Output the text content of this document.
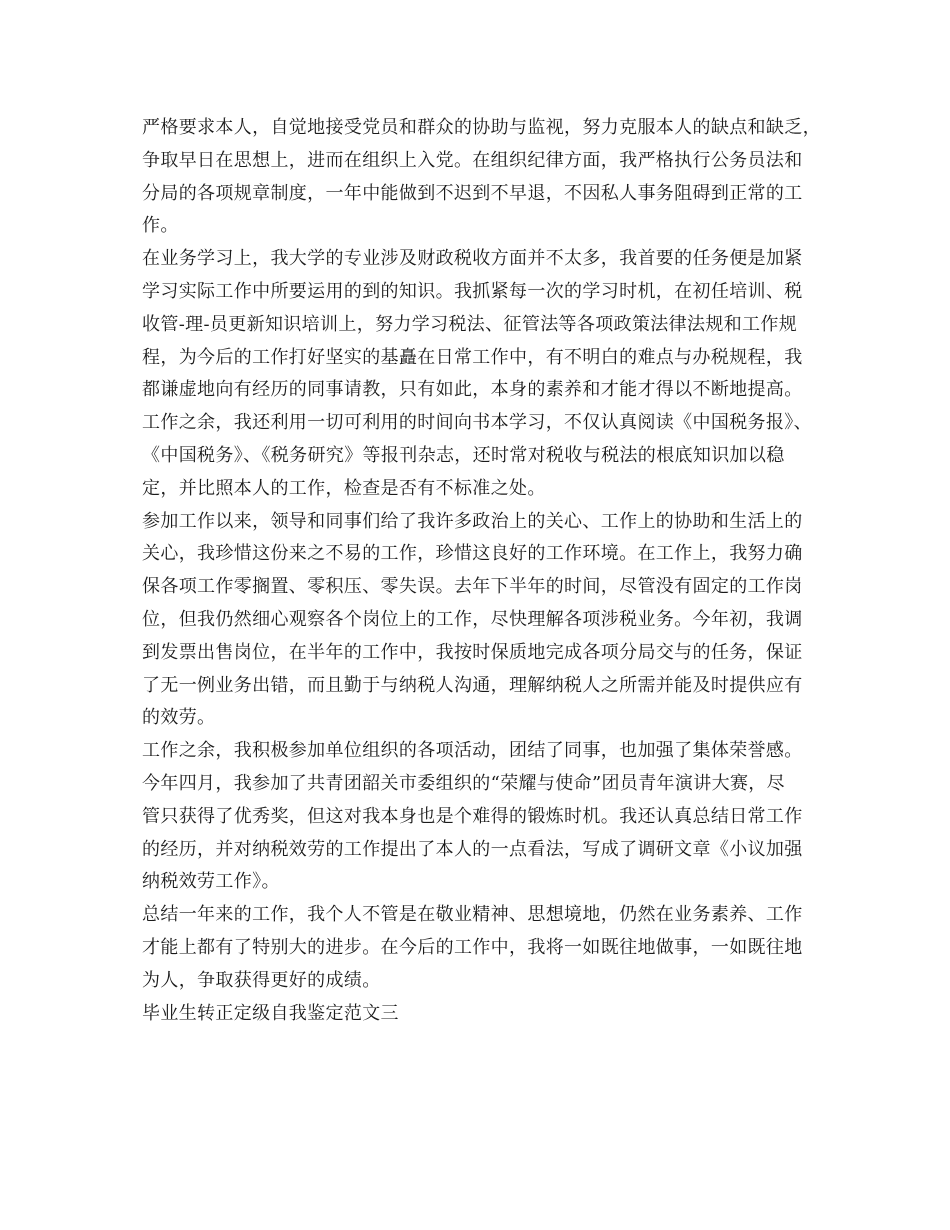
严格要求本人，自觉地接受党员和群众的协助与监视，努力克服本人的缺点和缺乏，
争取早日在思想上，进而在组织上入党。在组织纪律方面，我严格执行公务员法和
分局的各项规章制度，一年中能做到不迟到不早退，不因私人事务阻碍到正常的工
作。
在业务学习上，我大学的专业涉及财政税收方面并不太多，我首要的任务便是加紧
学习实际工作中所要运用的到的知识。我抓紧每一次的学习时机，在初任培训、税
收管-理-员更新知识培训上，努力学习税法、征管法等各项政策法律法规和工作规
程，为今后的工作打好坚实的基矗在日常工作中，有不明白的难点与办税规程，我
都谦虚地向有经历的同事请教，只有如此，本身的素养和才能才得以不断地提高。
工作之余，我还利用一切可利用的时间向书本学习，不仅认真阅读《中国税务报》、
《中国税务》、《税务研究》等报刊杂志，还时常对税收与税法的根底知识加以稳
定，并比照本人的工作，检查是否有不标准之处。
参加工作以来，领导和同事们给了我许多政治上的关心、工作上的协助和生活上的
关心，我珍惜这份来之不易的工作，珍惜这良好的工作环境。在工作上，我努力确
保各项工作零搁置、零积压、零失误。去年下半年的时间，尽管没有固定的工作岗
位，但我仍然细心观察各个岗位上的工作，尽快理解各项涉税业务。今年初，我调
到发票出售岗位，在半年的工作中，我按时保质地完成各项分局交与的任务，保证
了无一例业务出错，而且勤于与纳税人沟通，理解纳税人之所需并能及时提供应有
的效劳。
工作之余，我积极参加单位组织的各项活动，团结了同事，也加强了集体荣誉感。
今年四月，我参加了共青团韶关市委组织的“荣耀与使命”团员青年演讲大赛，尽
管只获得了优秀奖，但这对我本身也是个难得的锻炼时机。我还认真总结日常工作
的经历，并对纳税效劳的工作提出了本人的一点看法，写成了调研文章《小议加强
纳税效劳工作》。
总结一年来的工作，我个人不管是在敬业精神、思想境地，仍然在业务素养、工作
才能上都有了特别大的进步。在今后的工作中，我将一如既往地做事，一如既往地
为人，争取获得更好的成绩。
毕业生转正定级自我鉴定范文三
